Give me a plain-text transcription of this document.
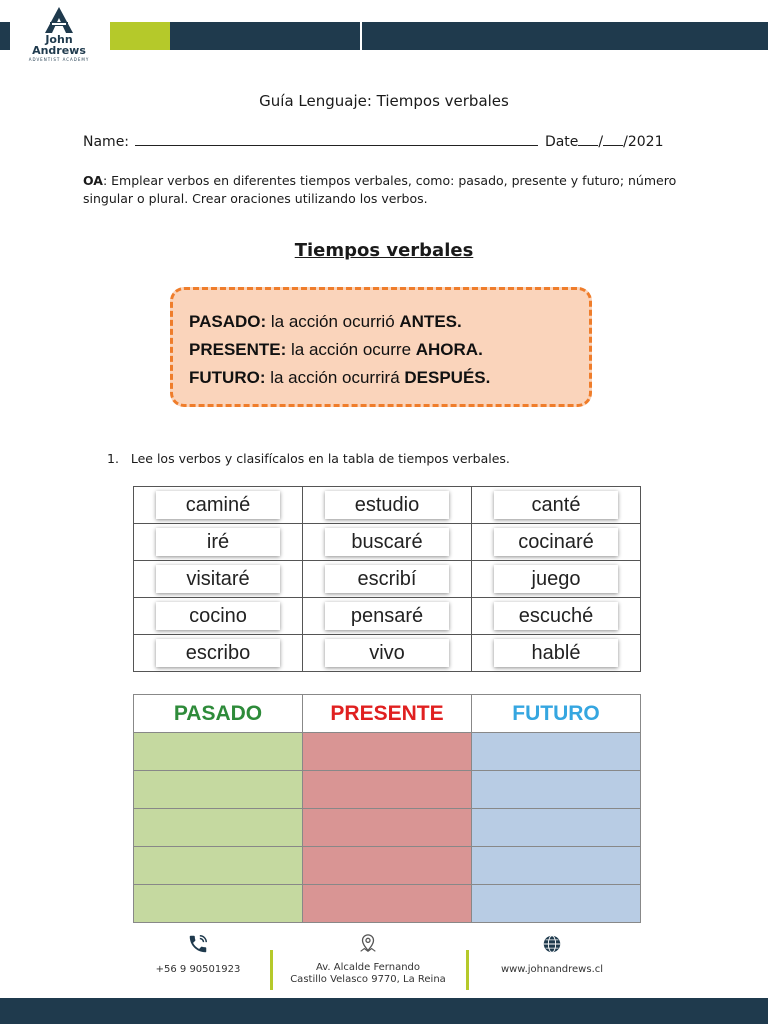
John
Andrews
ADVENTIST ACADEMY
Guía Lenguaje: Tiempos verbales
Name:	Date / /2021
OA: Emplear verbos en diferentes tiempos verbales, como: pasado, presente y futuro; número singular o plural. Crear oraciones utilizando los verbos.
Tiempos verbales
PASADO: la acción ocurrió ANTES.
PRESENTE: la acción ocurre AHORA.
FUTURO: la acción ocurrirá DESPUÉS.
1. Lee los verbos y clasifícalos en la tabla de tiempos verbales.
caminé	estudio	canté
iré	buscaré	cocinaré
visitaré	escribí	juego
cocino	pensaré	escuché
escribo	vivo	hablé
PASADO	PRESENTE	FUTURO

+56 9 90501923	Av. Alcalde Fernando
Castillo Velasco 9770, La Reina
www.johnandrews.cl
